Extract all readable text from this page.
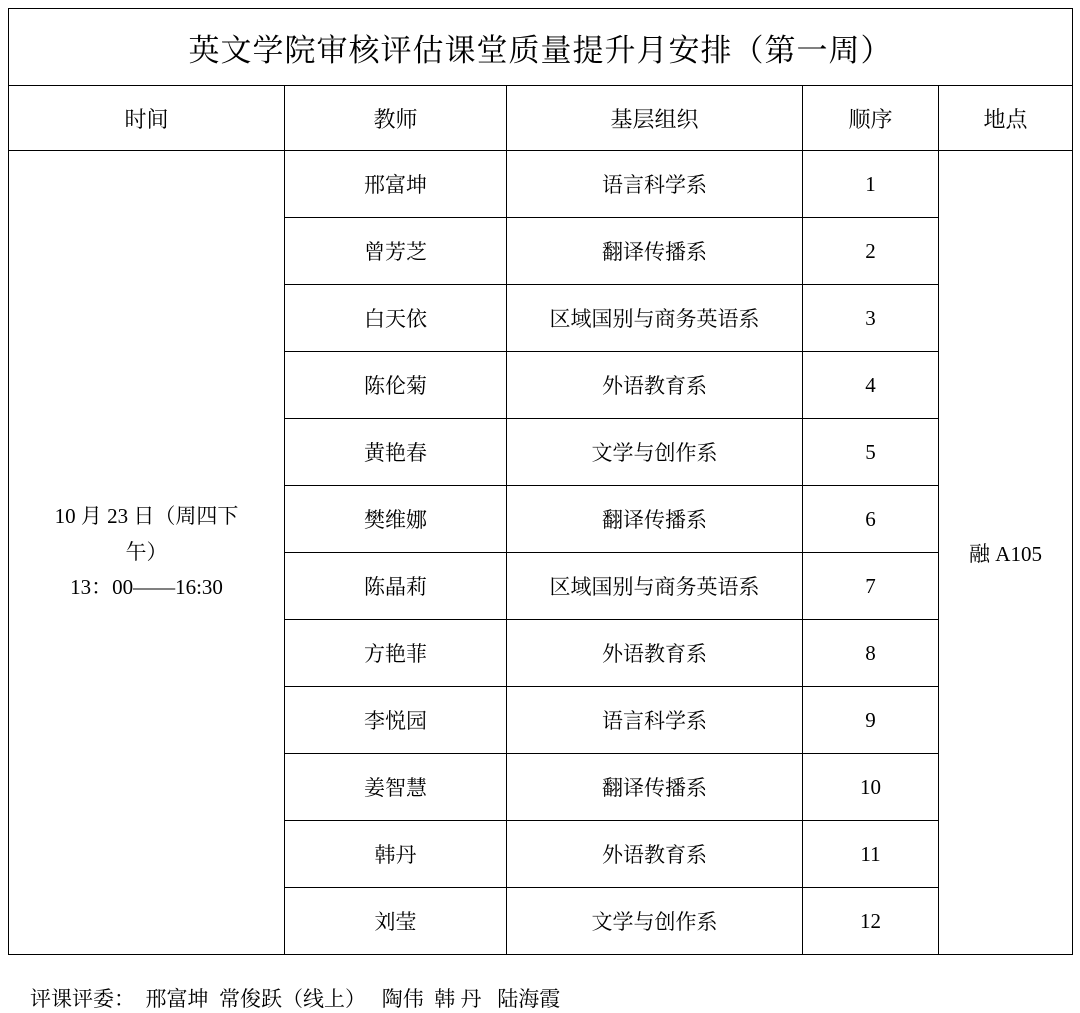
英文学院审核评估课堂质量提升月安排（第一周）				
时间	教师	基层组织	顺序	地点

10 月 23 日（周四下
午）
13：00——16:30	邢富坤	语言科学系	1	融 A105
	曾芳芝	翻译传播系	2	
	白天依	区域国别与商务英语系	3	
	陈伦菊	外语教育系	4	
	黄艳春	文学与创作系	5	
	樊维娜	翻译传播系	6	
	陈晶莉	区域国别与商务英语系	7	
	方艳菲	外语教育系	8	
	李悦园	语言科学系	9	
	姜智慧	翻译传播系	10	
	韩丹	外语教育系	11	
	刘莹	文学与创作系	12	
评课评委：  邢富坤  常俊跃（线上）   陶伟  韩 丹   陆海霞
